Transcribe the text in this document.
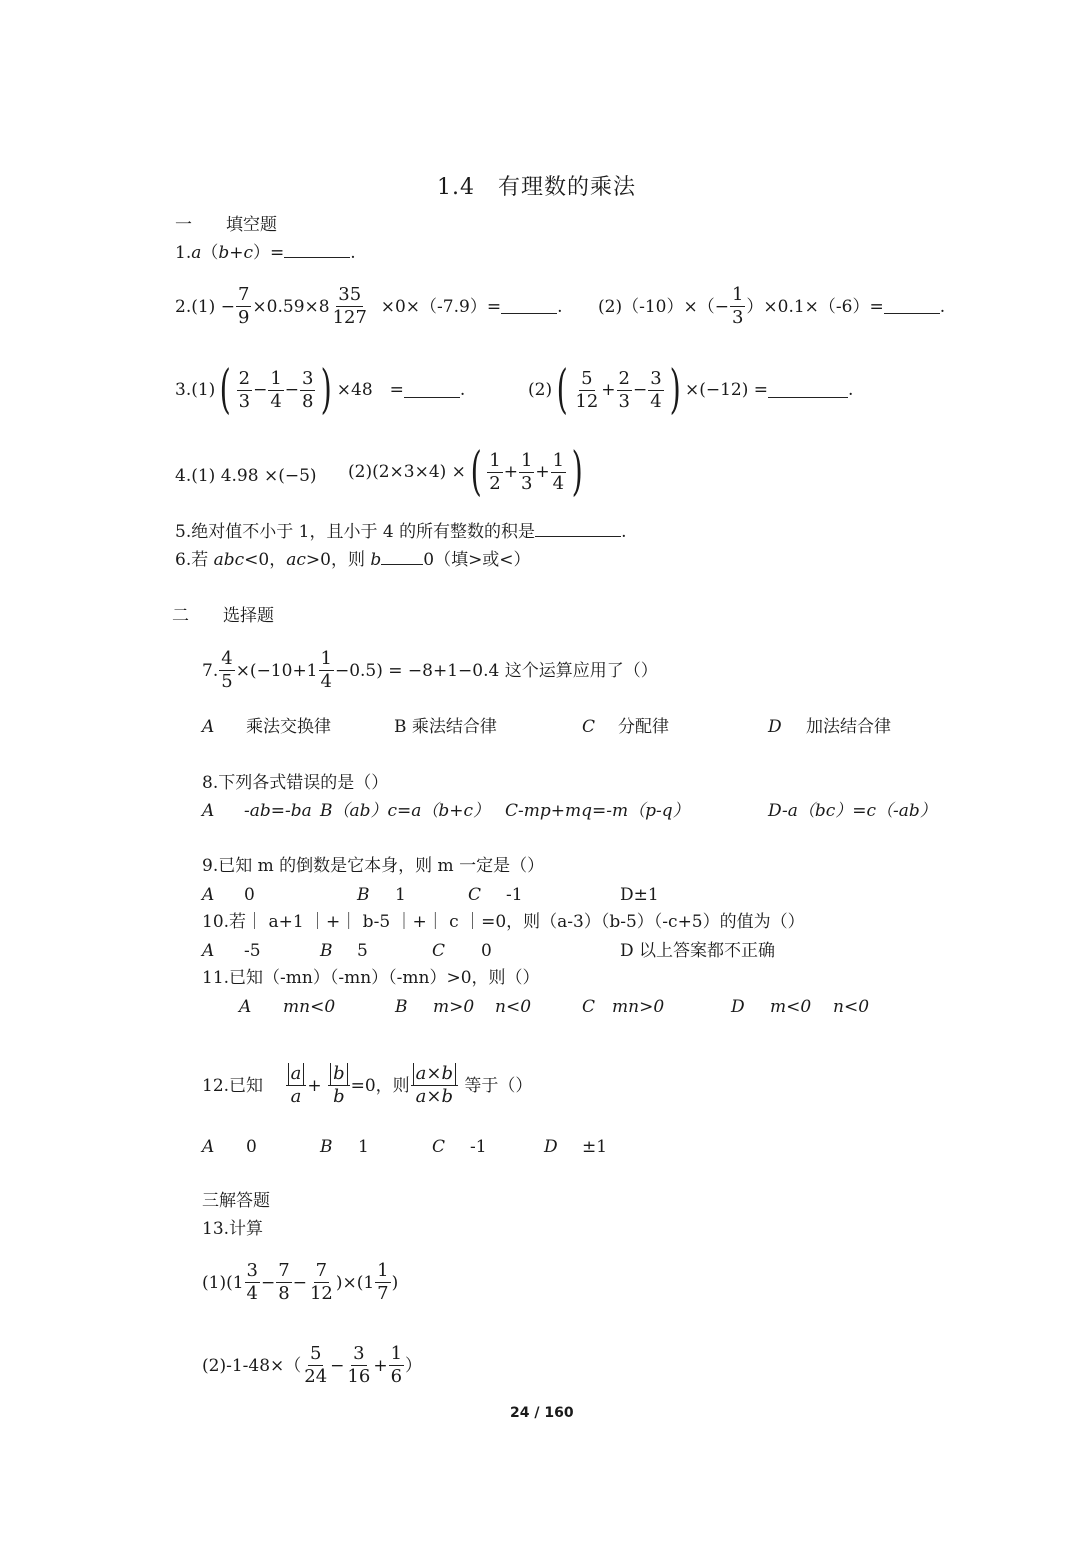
1.4　有理数的乘法
一　　填空题
1.a（b+c）=	.
2.(1)
− $\frac{7}{9} \times 0.59\times 8 \frac{35}{127}$
×0×（-7.9）=	. $(2)(-10)\times(- \frac{1}{3} )\times 0.1\times(-6)=$	.
3.(1) ( $\frac{2}{3} - \frac{1}{4} - \frac{3}{8}$ ) ×48　=	.	(2) ( $\frac{5}{12} + \frac{2}{3} - \frac{3}{4}$ ) ×(−12) =	.
4.(1) 4.98 ×(−5) (2)(2×3×4) × ( $\frac{1}{2} + \frac{1}{3} + \frac{1}{4}$ )
5.绝对值不小于 1，且小于 4 的所有整数的积是	.
6.若 abc<0，ac>0，则 b 0（填>或<）
二　　选择题
7. $\frac{4}{5} \times(-10+1 \frac{1}{4} -0.5) = -8+1-0.4$ 这个运算应用了（）
A 乘法交换律	B 乘法结合律	C 分配律	D 加法结合律
8.下列各式错误的是（）
A -ab=-ba B（ab）c=a（b+c） C-mp+mq=-m（p-q）	D-a（bc）=c（-ab）
9.已知 m 的倒数是它本身，则 m 一定是（）
A 0	B 1	C -1	D±1
10.若｜ a+1 ｜+｜ b-5 ｜+｜ c ｜=0，则（a-3）（b-5）（-c+5）的值为（）
A -5	B 5	C 0	D 以上答案都不正确
11.已知（-mn）（-mn）（-mn）>0，则（）
A mn<0	B m>0 n<0	C mn>0	D m<0 n<0
12.已知
$\frac{a}{a}$ +
$\frac{b}{b} =0$，则 $\frac{a\times b}{a\times b}$
等于（）
A 0	B 1	C -1	D ±1
三解答题
13.计算
$(1)(1 \frac{3}{4} - \frac{7}{8} - \frac{7}{12} )\times(1 \frac{1}{7}$ )
$(2)-1-48\times( \frac{5}{24} - \frac{3}{16} + \frac{1}{6}$ ）
24 / 160
